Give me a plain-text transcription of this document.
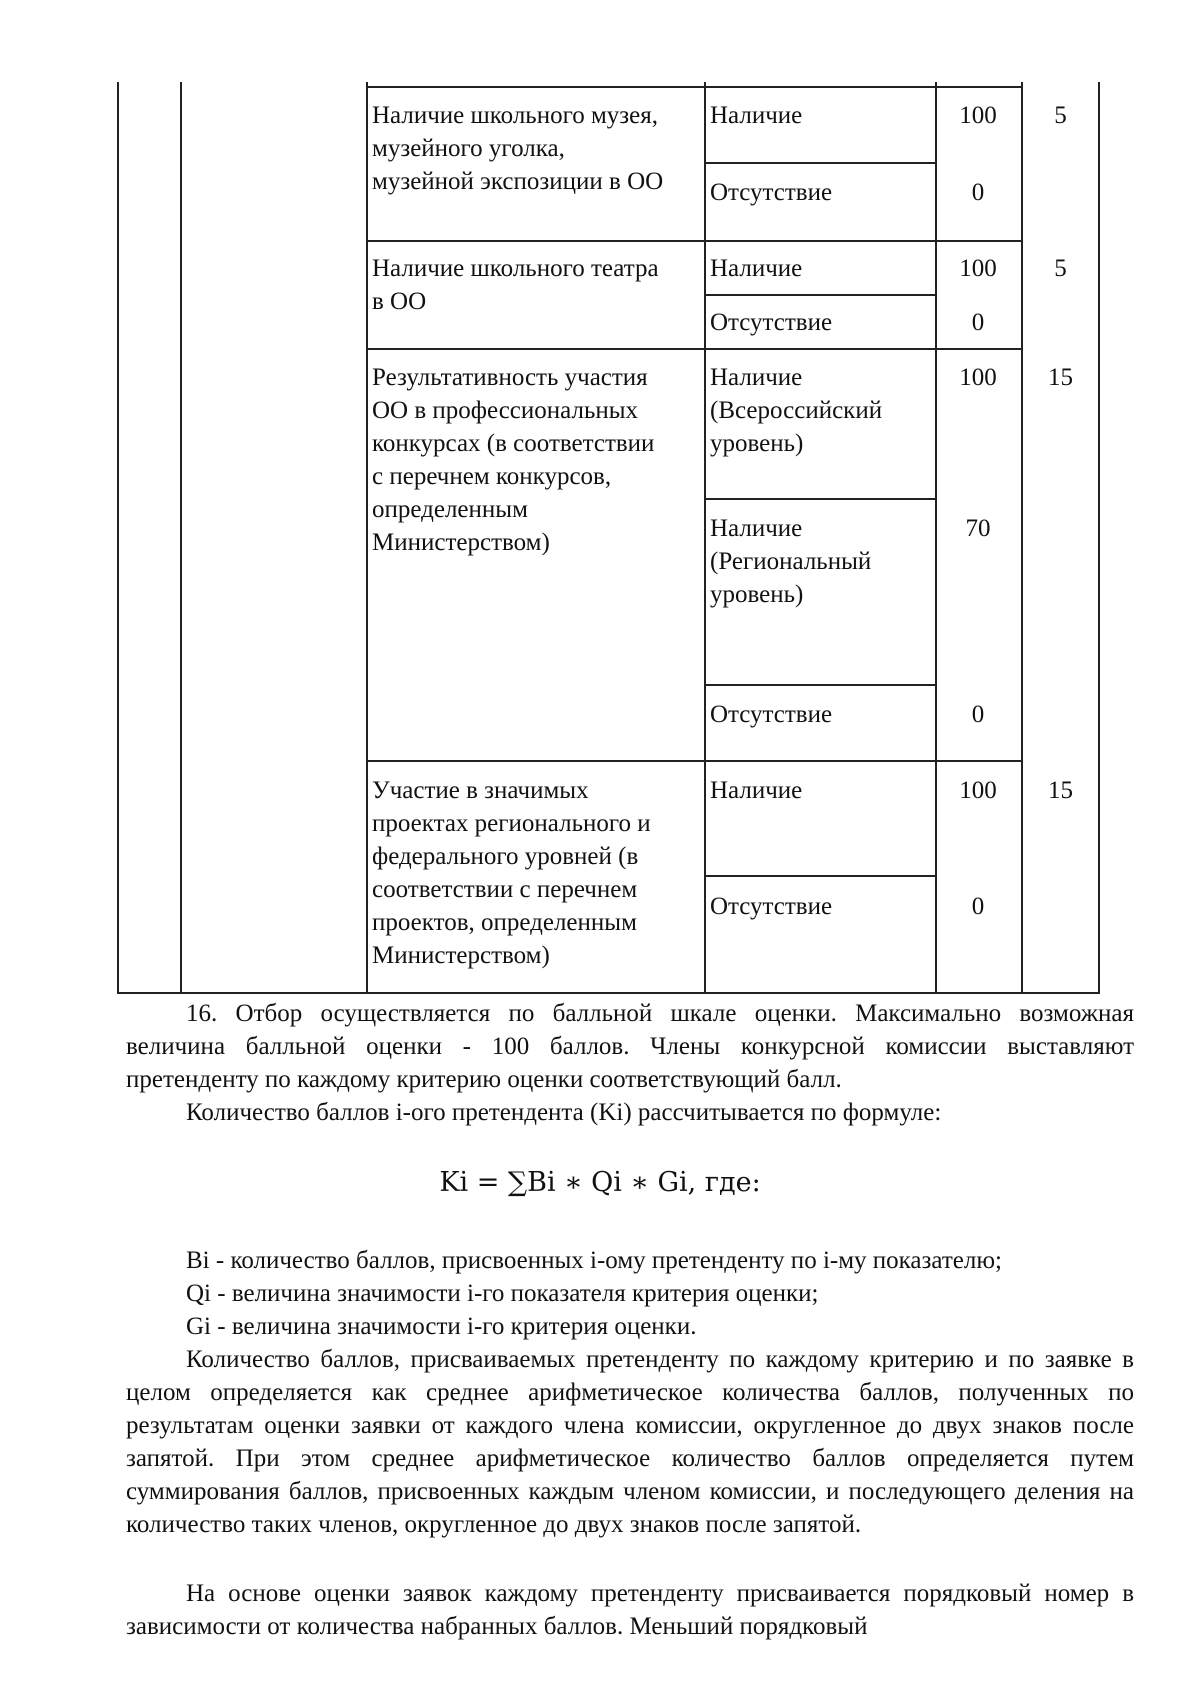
Наличие школьного музея,
музейного уголка,
музейной экспозиции в ОО
Наличие	100	5
Отсутствие	0
Наличие школьного театра
в ОО
Наличие	100	5
Отсутствие	0
Результативность участия
ОО в профессиональных
конкурсах (в соответствии
с перечнем конкурсов,
определенным
Министерством)
Наличие
(Всероссийский
уровень)
100	15
Наличие
(Региональный
уровень)
70
Отсутствие	0
Участие в значимых
проектах регионального и
федерального уровней (в
соответствии с перечнем
проектов, определенным
Министерством)
Наличие	100	15
Отсутствие	0

16. Отбор осуществляется по балльной шкале оценки. Максимально возможная величина балльной оценки - 100 баллов. Члены конкурсной комиссии выставляют претенденту по каждому критерию оценки соответствующий балл.

Количество баллов i-ого претендента (Ki) рассчитывается по формуле:

Ki = ∑Bi ∗ Qi ∗ Gi, где:

Bi - количество баллов, присвоенных i-ому претенденту по i-му показателю;

Qi - величина значимости i-го показателя критерия оценки;

Gi - величина значимости i-го критерия оценки.

Количество баллов, присваиваемых претенденту по каждому критерию и по заявке в целом определяется как среднее арифметическое количества баллов, полученных по результатам оценки заявки от каждого члена комиссии, округленное до двух знаков после запятой. При этом среднее арифметическое количество баллов определяется путем суммирования баллов, присвоенных каждым членом комиссии, и последующего деления на количество таких членов, округленное до двух знаков после запятой.

На основе оценки заявок каждому претенденту присваивается порядковый номер в зависимости от количества набранных баллов. Меньший порядковый
